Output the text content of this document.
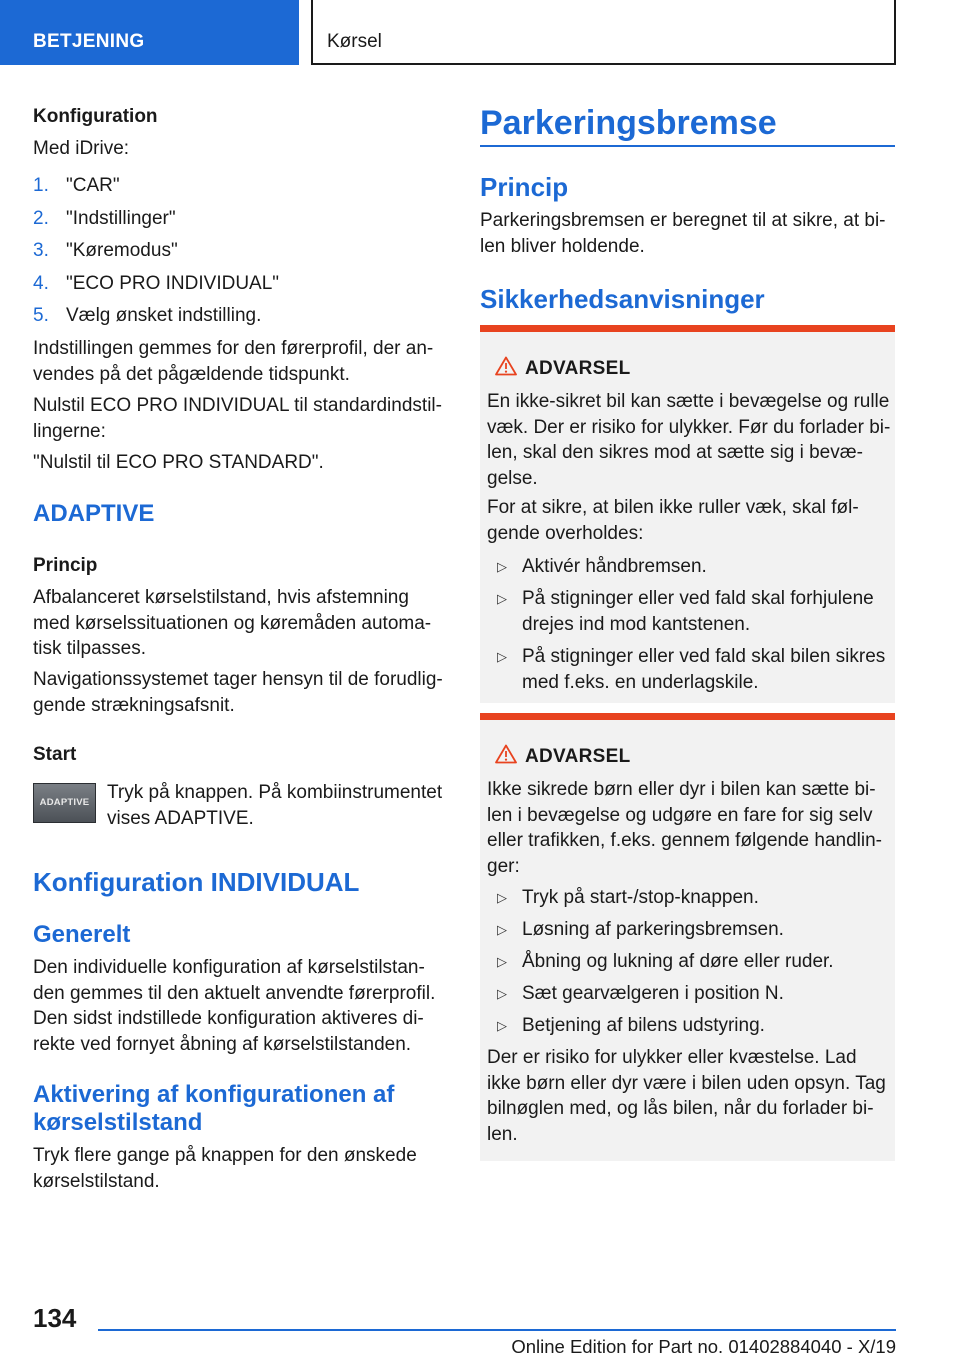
BETJENING	Kørsel
Konfiguration
Med iDrive:
1. "CAR"
2. "Indstillinger"
3. "Køremodus"
4. "ECO PRO INDIVIDUAL"
5. Vælg ønsket indstilling.
Indstillingen gemmes for den førerprofil, der an-
vendes på det pågældende tidspunkt.
Nulstil ECO PRO INDIVIDUAL til standardindstil-
lingerne:
"Nulstil til ECO PRO STANDARD".
ADAPTIVE
Princip
Afbalanceret kørselstilstand, hvis afstemning
med kørselssituationen og køremåden automa-
tisk tilpasses.
Navigationssystemet tager hensyn til de forudlig-
gende strækningsafsnit.
Start
ADAPTIVE Tryk på knappen. På kombiinstrumentet
vises ADAPTIVE.
Konfiguration INDIVIDUAL
Generelt
Den individuelle konfiguration af kørselstilstan-
den gemmes til den aktuelt anvendte førerprofil.
Den sidst indstillede konfiguration aktiveres di-
rekte ved fornyet åbning af kørselstilstanden.
Aktivering af konfigurationen af
kørselstilstand
Tryk flere gange på knappen for den ønskede
kørselstilstand.
Parkeringsbremse
Princip
Parkeringsbremsen er beregnet til at sikre, at bi-
len bliver holdende.
Sikkerhedsanvisninger
ADVARSEL
En ikke-sikret bil kan sætte i bevægelse og rulle
væk. Der er risiko for ulykker. Før du forlader bi-
len, skal den sikres mod at sætte sig i bevæ-
gelse.
For at sikre, at bilen ikke ruller væk, skal føl-
gende overholdes:
▷ Aktivér håndbremsen.
▷ På stigninger eller ved fald skal forhjulene
drejes ind mod kantstenen.
▷ På stigninger eller ved fald skal bilen sikres
med f.eks. en underlagskile.
ADVARSEL
Ikke sikrede børn eller dyr i bilen kan sætte bi-
len i bevægelse og udgøre en fare for sig selv
eller trafikken, f.eks. gennem følgende handlin-
ger:
▷ Tryk på start-/stop-knappen.
▷ Løsning af parkeringsbremsen.
▷ Åbning og lukning af døre eller ruder.
▷ Sæt gearvælgeren i position N.
▷ Betjening af bilens udstyring.
Der er risiko for ulykker eller kvæstelse. Lad
ikke børn eller dyr være i bilen uden opsyn. Tag
bilnøglen med, og lås bilen, når du forlader bi-
len.
134
Online Edition for Part no. 01402884040 - X/19
